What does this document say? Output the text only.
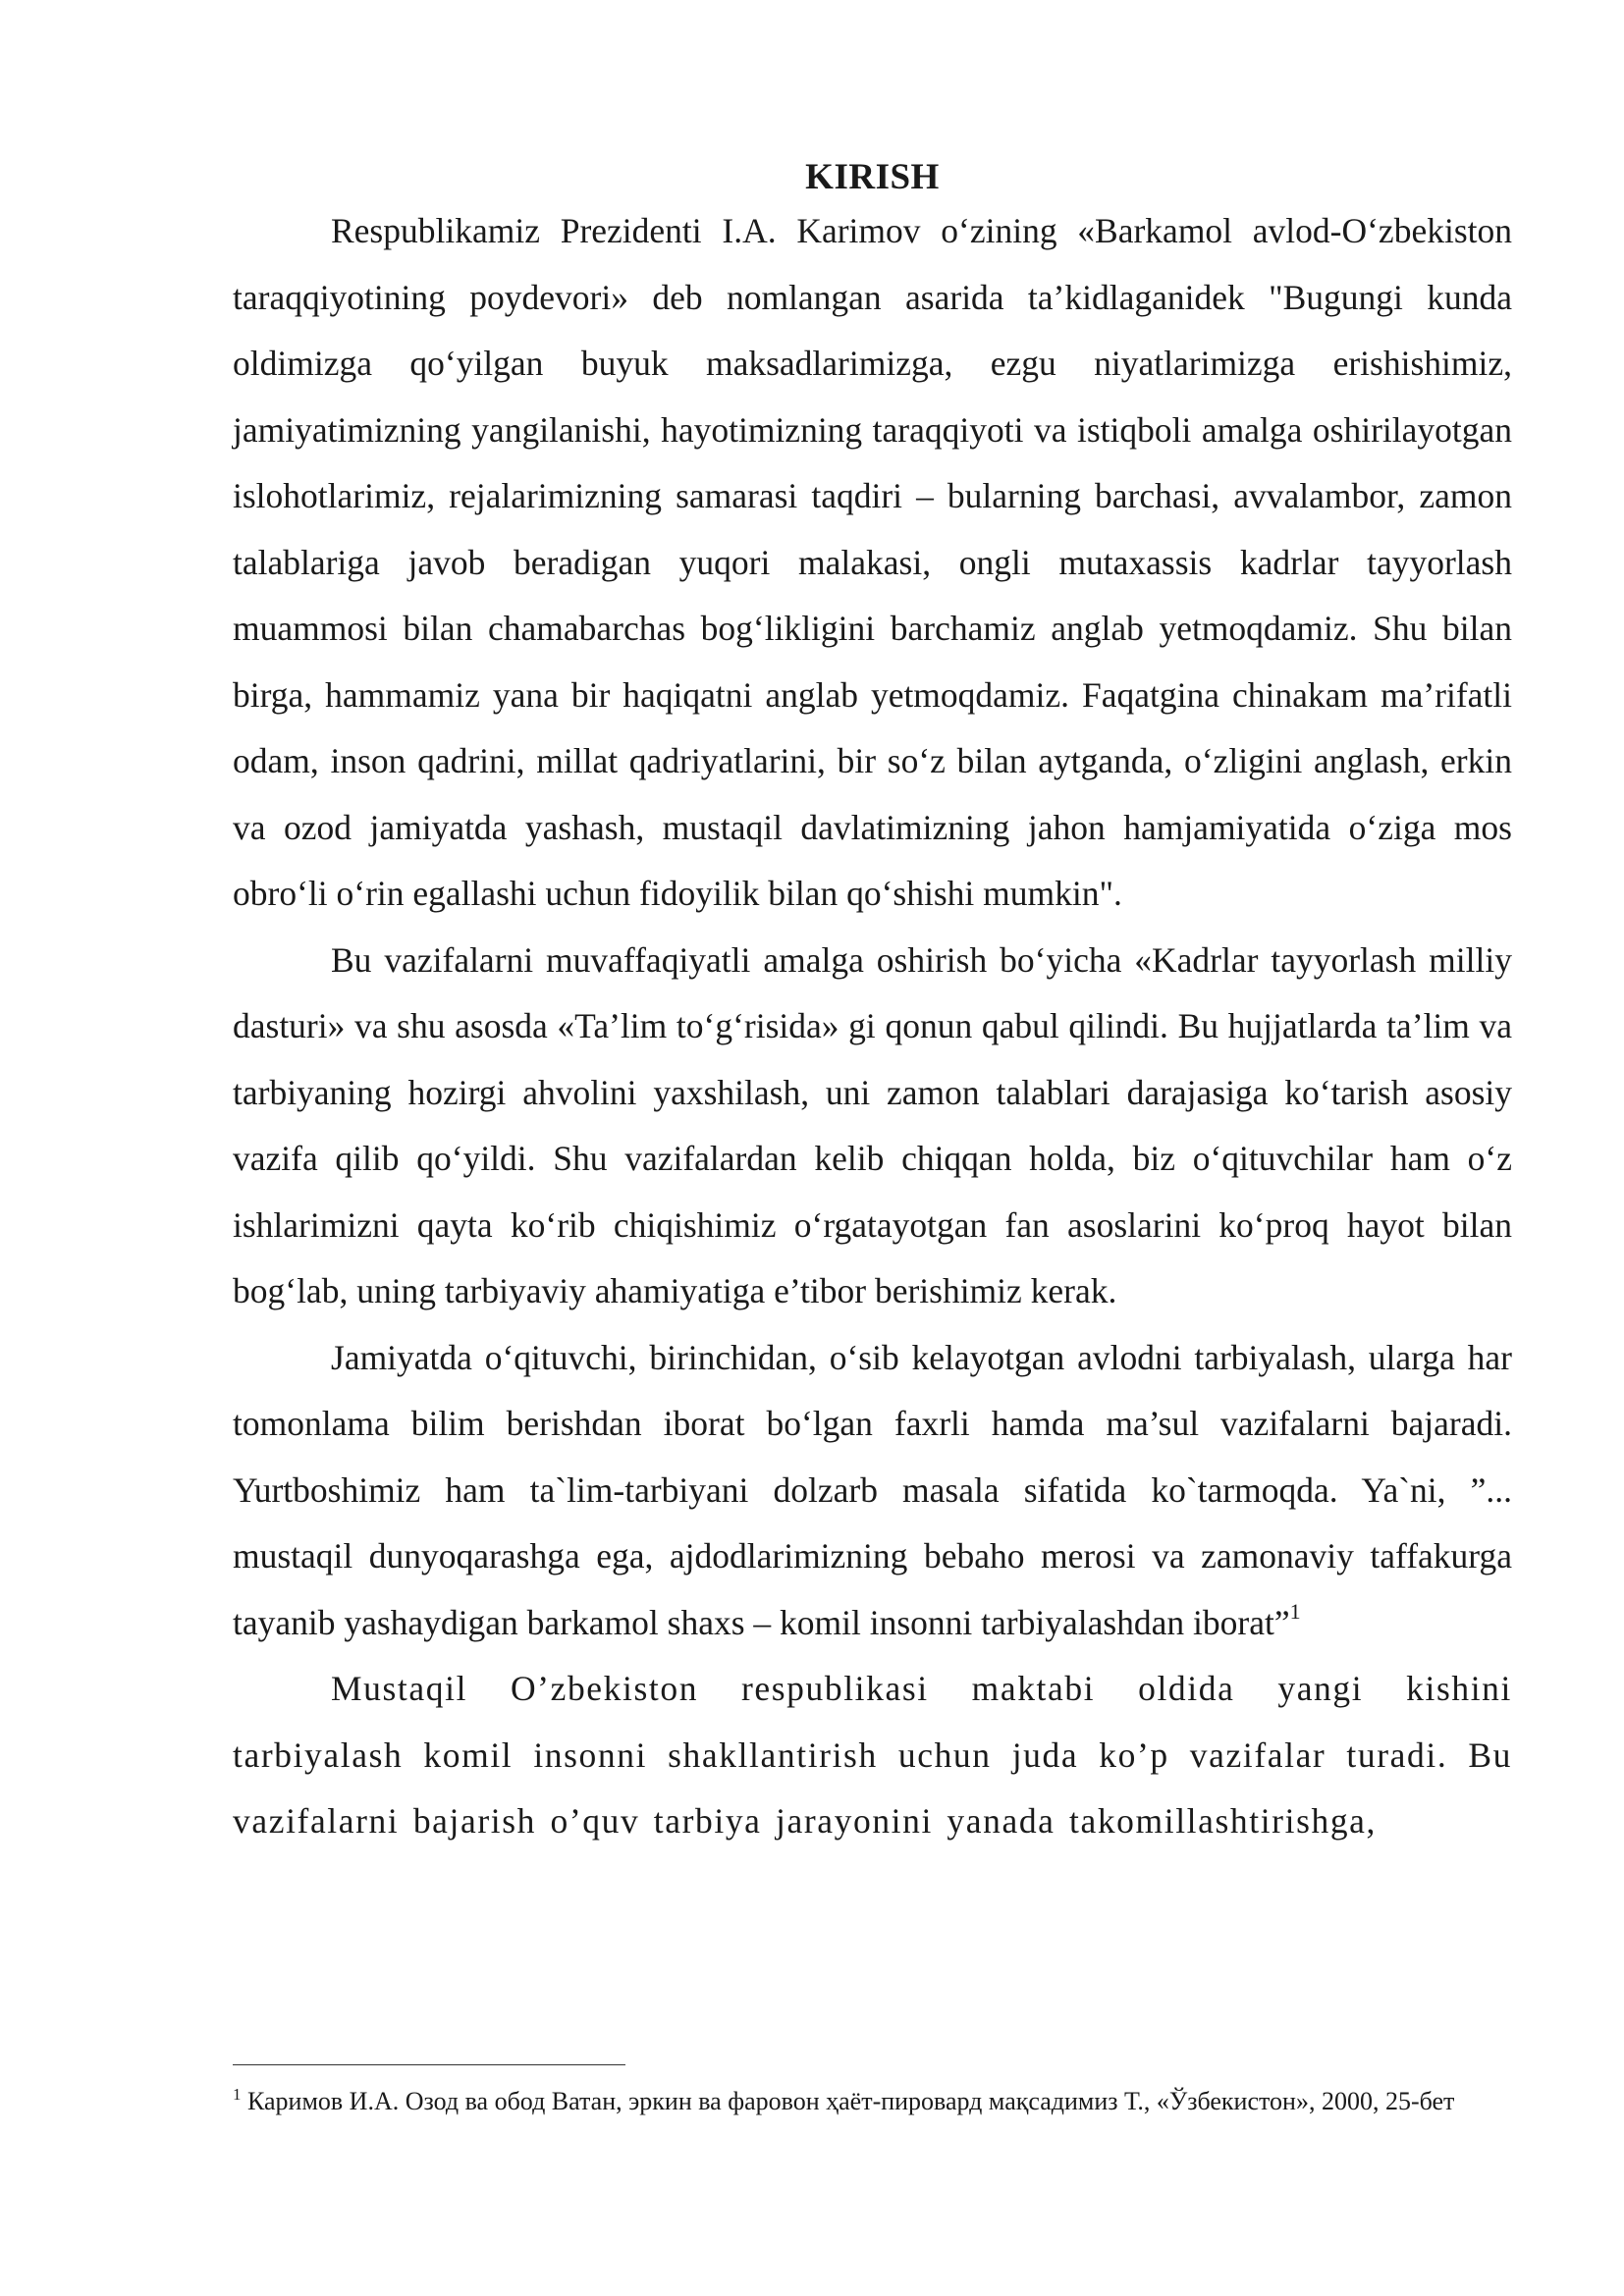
KIRISH

Respublikamiz Prezidenti I.A. Karimov o‘zining «Barkamol avlod-O‘zbekiston taraqqiyotining poydevori» deb nomlangan asarida ta’kidlaganidek "Bugungi kunda oldimizga qo‘yilgan buyuk maksadlarimizga, ezgu niyatlarimizga erishishimiz, jamiyatimizning yangilanishi, hayotimizning taraqqiyoti va istiqboli amalga oshirilayotgan islohotlarimiz, rejalarimizning samarasi taqdiri – bularning barchasi, avvalambor, zamon talablariga javob beradigan yuqori malakasi, ongli mutaxassis kadrlar tayyorlash muammosi bilan chamabarchas bog‘likligini barchamiz anglab yetmoqdamiz. Shu bilan birga, hammamiz yana bir haqiqatni anglab yetmoqdamiz. Faqatgina chinakam ma’rifatli odam, inson qadrini, millat qadriyatlarini, bir so‘z bilan aytganda, o‘zligini anglash, erkin va ozod jamiyatda yashash, mustaqil davlatimizning jahon hamjamiyatida o‘ziga mos obro‘li o‘rin egallashi uchun fidoyilik bilan qo‘shishi mumkin".

Bu vazifalarni muvaffaqiyatli amalga oshirish bo‘yicha «Kadrlar tayyorlash milliy dasturi» va shu asosda «Ta’lim to‘g‘risida» gi qonun qabul qilindi. Bu hujjatlarda ta’lim va tarbiyaning hozirgi ahvolini yaxshilash, uni zamon talablari darajasiga ko‘tarish asosiy vazifa qilib qo‘yildi. Shu vazifalardan kelib chiqqan holda, biz o‘qituvchilar ham o‘z ishlarimizni qayta ko‘rib chiqishimiz o‘rgatayotgan fan asoslarini ko‘proq hayot bilan bog‘lab, uning tarbiyaviy ahamiyatiga e’tibor berishimiz kerak.

Jamiyatda o‘qituvchi, birinchidan, o‘sib kelayotgan avlodni tarbiyalash, ularga har tomonlama bilim berishdan iborat bo‘lgan faxrli hamda ma’sul vazifalarni bajaradi. Yurtboshimiz ham ta`lim-tarbiyani dolzarb masala sifatida ko`tarmoqda. Ya`ni, ”... mustaqil dunyoqarashga ega, ajdodlarimizning bebaho merosi va zamonaviy taffakurga tayanib yashaydigan barkamol shaxs – komil insonni tarbiyalashdan iborat”$^1$

Mustaqil O’zbekiston respublikasi maktabi oldida yangi kishini tarbiyalash komil insonni shakllantirish uchun juda ko’p vazifalar turadi. Bu vazifalarni bajarish o’quv tarbiya jarayonini yanada takomillashtirishga,

$^1$ Каримов И.А. Озод ва обод Ватан, эркин ва фаровон ҳаёт-пировард мақсадимиз Т., «Ўзбекистон», 2000, 25-бет
